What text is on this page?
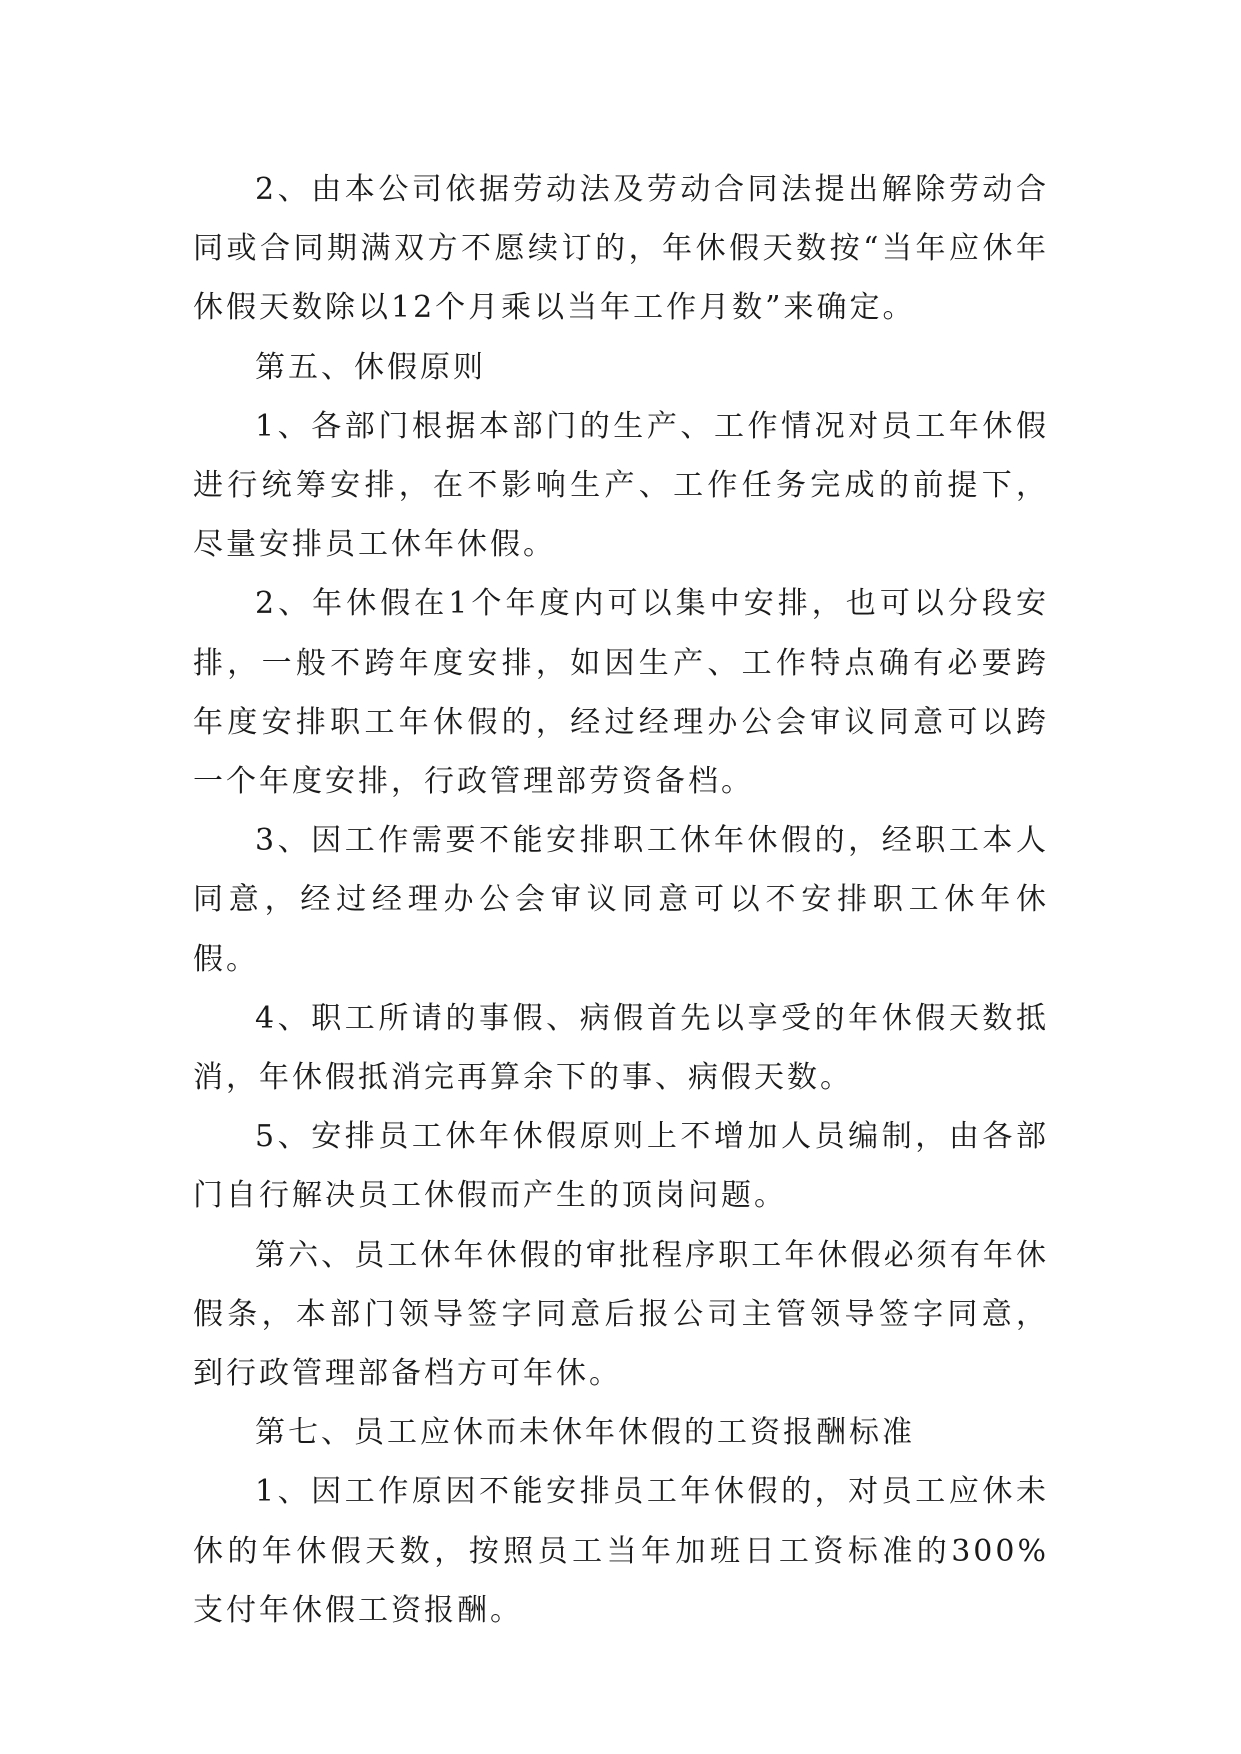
2、由本公司依据劳动法及劳动合同法提出解除劳动合同或合同期满双方不愿续订的，年休假天数按“当年应休年休假天数除以12个月乘以当年工作月数”来确定。

第五、休假原则

1、各部门根据本部门的生产、工作情况对员工年休假进行统筹安排，在不影响生产、工作任务完成的前提下，尽量安排员工休年休假。

2、年休假在1个年度内可以集中安排，也可以分段安排，一般不跨年度安排，如因生产、工作特点确有必要跨年度安排职工年休假的，经过经理办公会审议同意可以跨一个年度安排，行政管理部劳资备档。

3、因工作需要不能安排职工休年休假的，经职工本人同意，经过经理办公会审议同意可以不安排职工休年休假。

4、职工所请的事假、病假首先以享受的年休假天数抵消，年休假抵消完再算余下的事、病假天数。

5、安排员工休年休假原则上不增加人员编制，由各部门自行解决员工休假而产生的顶岗问题。

第六、员工休年休假的审批程序职工年休假必须有年休假条，本部门领导签字同意后报公司主管领导签字同意，到行政管理部备档方可年休。

第七、员工应休而未休年休假的工资报酬标准

1、因工作原因不能安排员工年休假的，对员工应休未休的年休假天数，按照员工当年加班日工资标准的300%支付年休假工资报酬。
